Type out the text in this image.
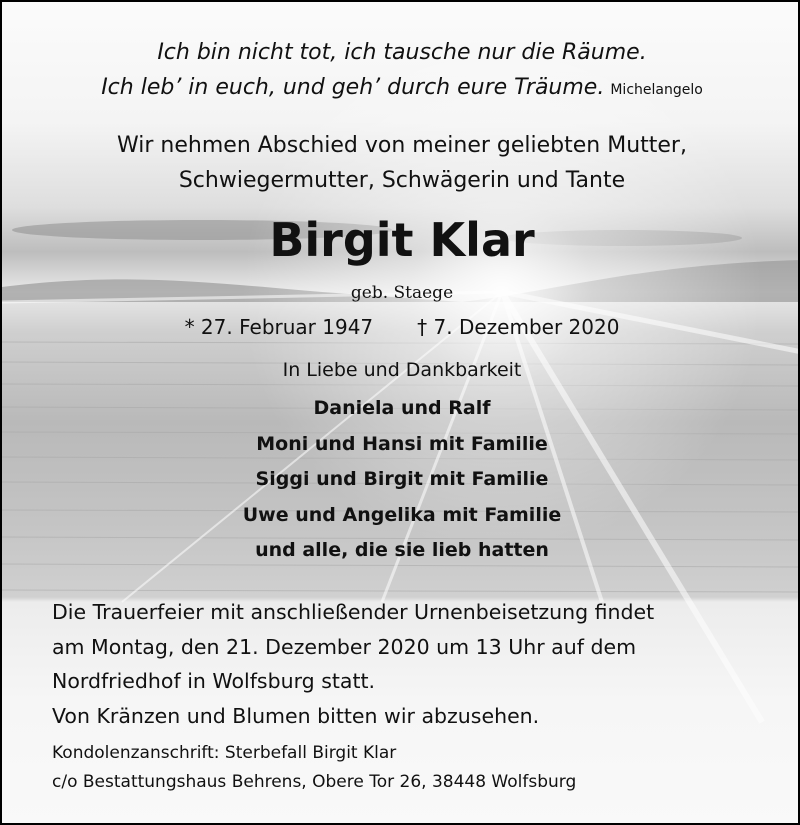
Ich bin nicht tot, ich tausche nur die Räume.
Ich leb’ in euch, und geh’ durch eure Träume. Michelangelo
Wir nehmen Abschied von meiner geliebten Mutter,
Schwiegermutter, Schwägerin und Tante
Birgit Klar
geb. Staege
* 27. Februar 1947 † 7. Dezember 2020
In Liebe und Dankbarkeit
Daniela und Ralf
Moni und Hansi mit Familie
Siggi und Birgit mit Familie
Uwe und Angelika mit Familie
und alle, die sie lieb hatten
Die Trauerfeier mit anschließender Urnenbeisetzung findet
am Montag, den 21. Dezember 2020 um 13 Uhr auf dem
Nordfriedhof in Wolfsburg statt.
Von Kränzen und Blumen bitten wir abzusehen.
Kondolenzanschrift: Sterbefall Birgit Klar
c/o Bestattungshaus Behrens, Obere Tor 26, 38448 Wolfsburg
